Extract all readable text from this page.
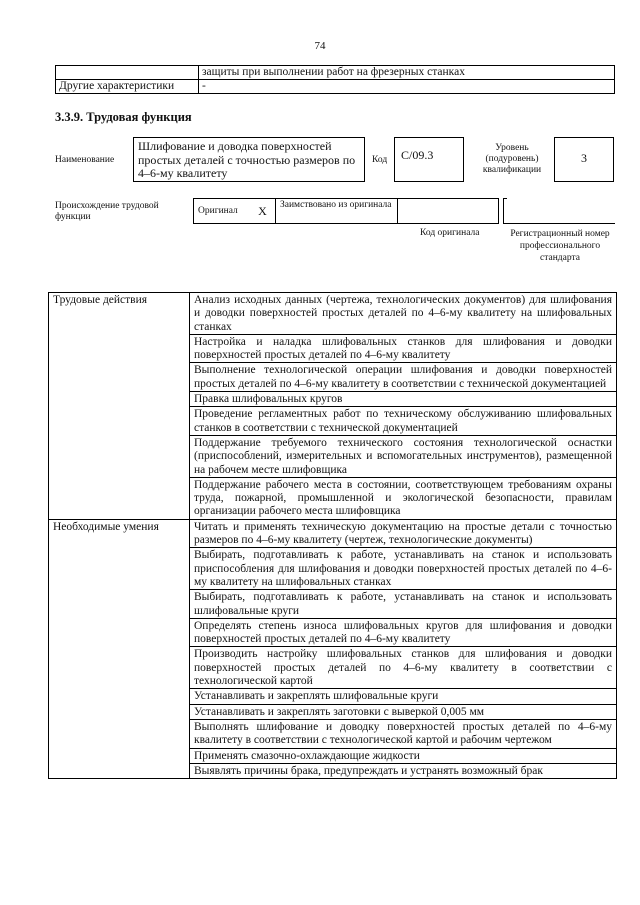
74
	защиты при выполнении работ на фрезерных станках
Другие характеристики	-
3.3.9. Трудовая функция
Наименование
Шлифование и доводка поверхностей простых деталей с точностью размеров по 4–6-му квалитету
Код	С/09.3	Уровень (подуровень) квалификации
3
Происхождение трудовой функции
Оригинал	X	Заимствовано из оригинала
Код оригинала	Регистрационный номер профессионального стандарта
Трудовые действия	Анализ исходных данных (чертежа, технологических документов) для шлифования и доводки поверхностей простых деталей по 4–6-му квалитету на шлифовальных станках
	Настройка и наладка шлифовальных станков для шлифования и доводки поверхностей простых деталей по 4–6-му квалитету
	Выполнение технологической операции шлифования и доводки поверхностей простых деталей по 4–6-му квалитету в соответствии с технической документацией
	Правка шлифовальных кругов
	Проведение регламентных работ по техническому обслуживанию шлифовальных станков в соответствии с технической документацией
	Поддержание требуемого технического состояния технологической оснастки (приспособлений, измерительных и вспомогательных инструментов), размещенной на рабочем месте шлифовщика
	Поддержание рабочего места в состоянии, соответствующем требованиям охраны труда, пожарной, промышленной и экологической безопасности, правилам организации рабочего места шлифовщика
Необходимые умения	Читать и применять техническую документацию на простые детали с точностью размеров по 4–6-му квалитету (чертеж, технологические документы)
	Выбирать, подготавливать к работе, устанавливать на станок и использовать приспособления для шлифования и доводки поверхностей простых деталей по 4–6-му квалитету на шлифовальных станках
	Выбирать, подготавливать к работе, устанавливать на станок и использовать шлифовальные круги
	Определять степень износа шлифовальных кругов для шлифования и доводки поверхностей простых деталей по 4–6-му квалитету
	Производить настройку шлифовальных станков для шлифования и доводки поверхностей простых деталей по 4–6-му квалитету в соответствии с технологической картой
	Устанавливать и закреплять шлифовальные круги
	Устанавливать и закреплять заготовки с выверкой 0,005 мм
	Выполнять шлифование и доводку поверхностей простых деталей по 4–6-му квалитету в соответствии с технологической картой и рабочим чертежом
	Применять смазочно-охлаждающие жидкости
	Выявлять причины брака, предупреждать и устранять возможный брак
